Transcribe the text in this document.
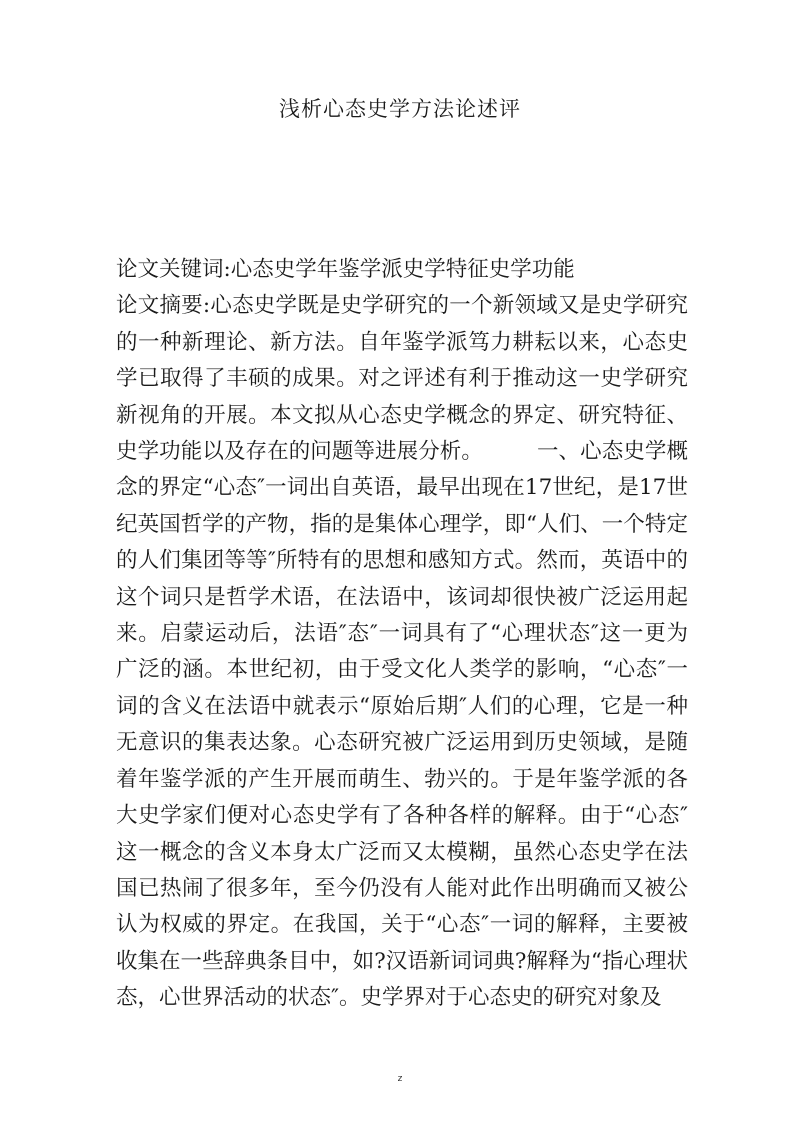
浅析心态史学方法论述评

论文关键词:心态史学年鉴学派史学特征史学功能

论文摘要:心态史学既是史学研究的一个新领域又是史学研究的一种新理论、新方法。自年鉴学派笃力耕耘以来，心态史学已取得了丰硕的成果。对之评述有利于推动这一史学研究新视角的开展。本文拟从心态史学概念的界定、研究特征、史学功能以及存在的问题等进展分析。　　　一、心态史学概念的界定“心态″一词出自英语，最早出现在17世纪，是17世纪英国哲学的产物，指的是集体心理学，即“人们、一个特定的人们集团等等″所特有的思想和感知方式。然而，英语中的这个词只是哲学术语，在法语中，该词却很快被广泛运用起来。启蒙运动后，法语″态″一词具有了“心理状态″这一更为广泛的涵。本世纪初，由于受文化人类学的影响，“心态″一词的含义在法语中就表示“原始后期″人们的心理，它是一种无意识的集表达象。心态研究被广泛运用到历史领域，是随着年鉴学派的产生开展而萌生、勃兴的。于是年鉴学派的各大史学家们便对心态史学有了各种各样的解释。由于“心态″这一概念的含义本身太广泛而又太模糊，虽然心态史学在法国已热闹了很多年，至今仍没有人能对此作出明确而又被公认为权威的界定。在我国，关于“心态″一词的解释，主要被收集在一些辞典条目中，如?汉语新词词典?解释为“指心理状态，心世界活动的状态″。史学界对于心态史的研究对象及

z
